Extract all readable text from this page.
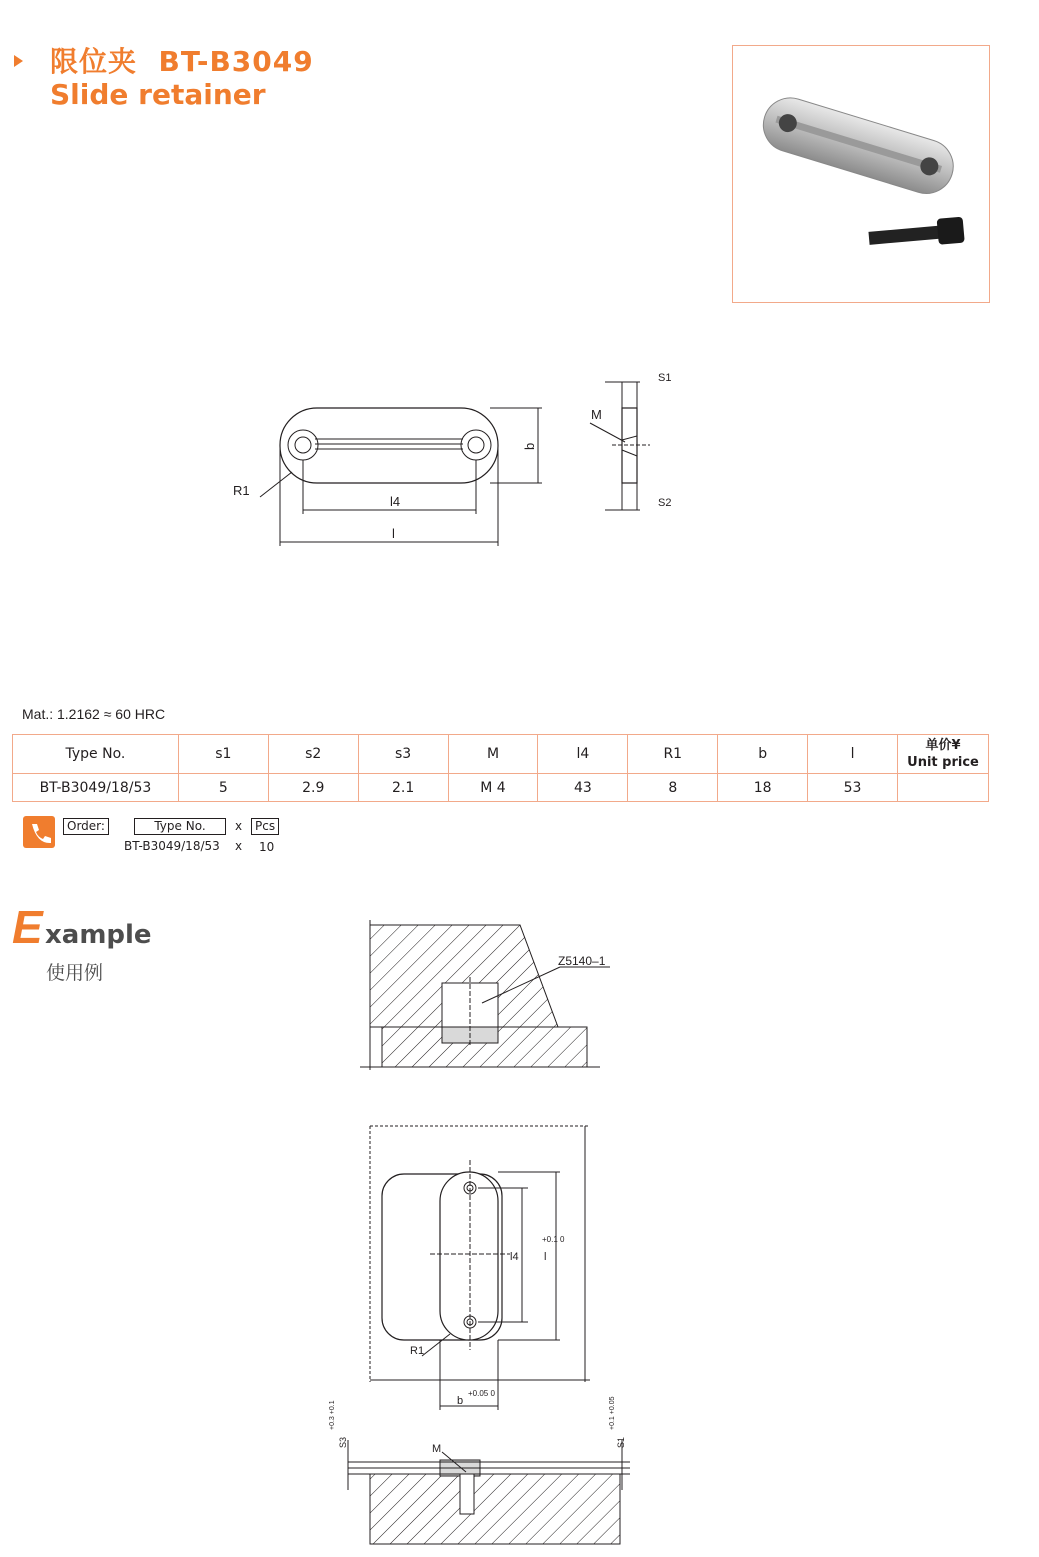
限位夹 BT-B3049
Slide retainer
R1
l4
l
b
S1
S2
M
Mat.: 1.2162 ≈ 60 HRC
Type No.	s1	s2	s3	M	l4	R1	b	l	单价¥
Unit price

BT-B3049/18/53	5	2.9	2.1	M 4	43	8	18	53	
Order:	Type No.	x	Pcs
BT-B3049/18/53 x 10
E xample
使用例
Z5140–1
R1
l4 l
+0.1 0
b
+0.05 0
M
S3
+0.3 +0.1
S1
+0.1 +0.05
